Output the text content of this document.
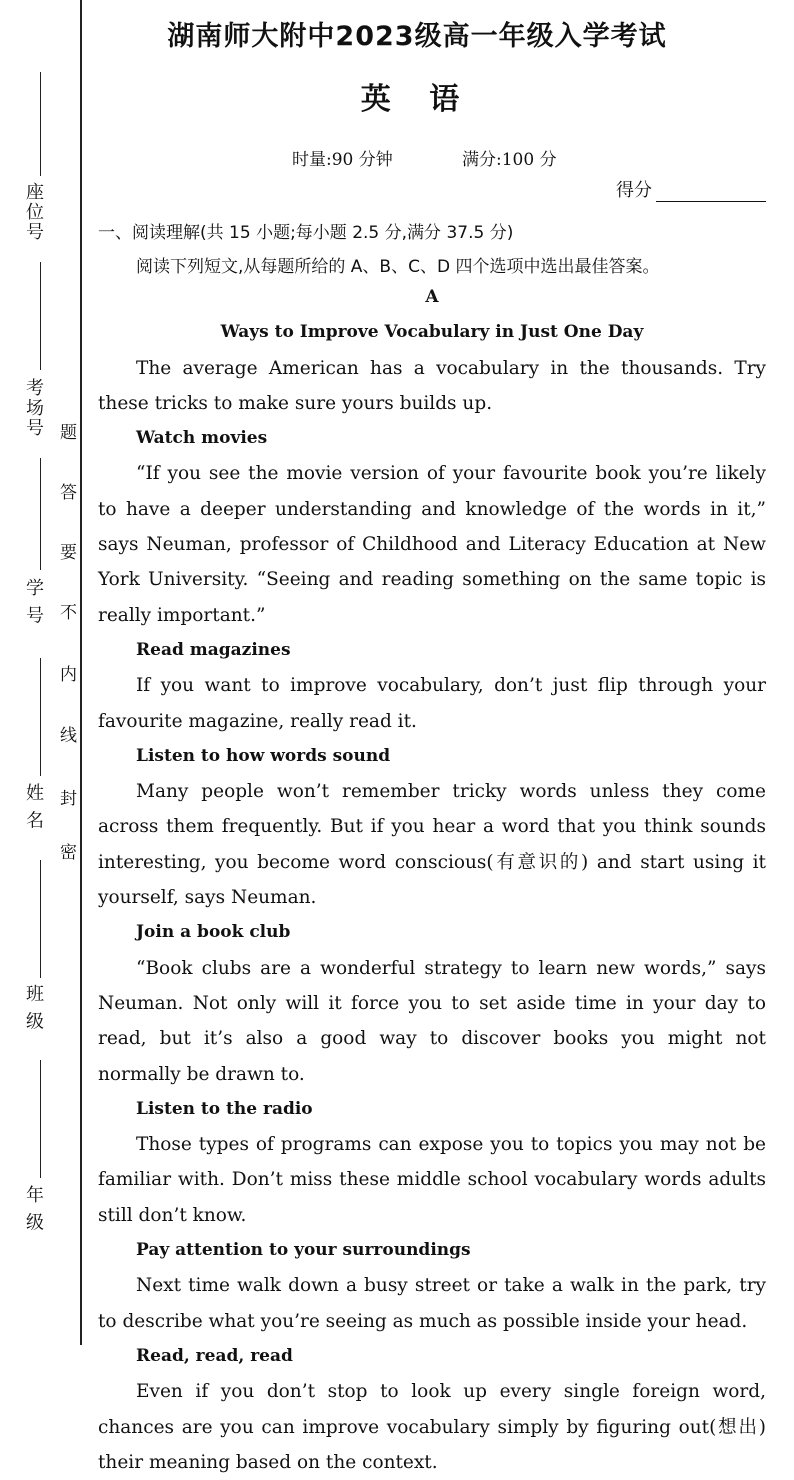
座位号
考场号
学 号
姓 名
班 级
年 级
密
封
线
内
不
要
答
题
湖南师大附中2023级高一年级入学考试
英 语
时量:90 分钟	满分:100 分
得分
一、阅读理解(共 15 小题;每小题 2.5 分,满分 37.5 分)
阅读下列短文,从每题所给的 A、B、C、D 四个选项中选出最佳答案。

A

Ways to Improve Vocabulary in Just One Day

The average American has a vocabulary in the thousands. Try these tricks to make sure yours builds up.

Watch movies

“If you see the movie version of your favourite book you’re likely to have a deeper understanding and knowledge of the words in it,” says Neuman, professor of Childhood and Literacy Education at New York University. “Seeing and reading something on the same topic is really important.”

Read magazines

If you want to improve vocabulary, don’t just flip through your favourite magazine, really read it.

Listen to how words sound

Many people won’t remember tricky words unless they come across them frequently. But if you hear a word that you think sounds interesting, you become word conscious(有意识的) and start using it yourself, says Neuman.

Join a book club

“Book clubs are a wonderful strategy to learn new words,” says Neuman. Not only will it force you to set aside time in your day to read, but it’s also a good way to discover books you might not normally be drawn to.

Listen to the radio

Those types of programs can expose you to topics you may not be familiar with. Don’t miss these middle school vocabulary words adults still don’t know.

Pay attention to your surroundings

Next time walk down a busy street or take a walk in the park, try to describe what you’re seeing as much as possible inside your head.

Read, read, read

Even if you don’t stop to look up every single foreign word, chances are you can improve vocabulary simply by figuring out(想出) their meaning based on the context.
